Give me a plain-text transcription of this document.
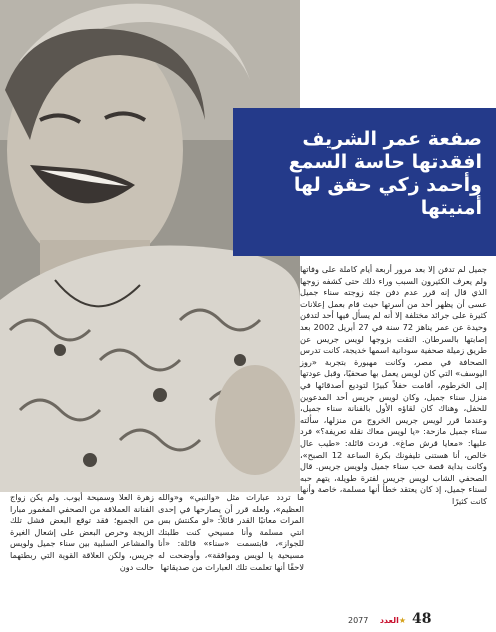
صفعة عمر الشريف
افقدتها حاسة السمع
وأحمد زكي حقق لها
أمنيتها

جميل لم تدفن إلا بعد مرور أربعة أيام كاملة على وفاتها ولم يعرف الكثيرون السبب وراء ذلك حتى كشفه زوجها الذي قال إنه قرر عدم دفن جثة زوجته سناء جميل عسى أن يظهر أحد من أسرتها حيث قام بعمل إعلانات كثيرة على جرائد مختلفة إلا أنه لم يسأل فيها أحد لتدفن وحيدة عن عمر يناهز 72 سنة في 27 أبريل 2002 بعد إصابتها بالسرطان. التقت بزوجها لويس جريس عن طريق زميلة صحفية سودانية اسمها خديجة، كانت تدرس الصحافة في مصر، وكانت مهبورة بتجربة «روز اليوسف» التي كان لويس يعمل بها صحفيًا، وقبل عودتها إلى الخرطوم، أقامت حفلاً كبيرًا لتوديع أصدقائها في منزل سناء جميل، وكان لويس جريس أحد المدعوين للحفل، وهناك كان لقاؤه الأول بالفنانة سناء جميل، وعندما قرر لويس جريس الخروج من منزلها، سألته سناء جميل مازحة: «يا لويس معاك نقلة تعريفة؟» فرد عليها: «معايا قرش صاغ». فردت قائلة: «طيب عال خالص، أنا هستنى تليفونك بكرة الساعة 12 الصبح»، وكانت بداية قصة حب سناء جميل ولويس جريس. قال الصحفي الشاب لويس جريس لفترة طويلة، يتهم حبه لسناء جميل، إذ كان يعتقد خطأ أنها مسلمة، خاصة وأنها كانت كثيرًا

ما تردد عبارات مثل «والنبي» و«والله العظيم»، ولعله قرر أن يصارحها في إحدى المرات معاتبًا القدر قائلاً: «لو مكنتش بس انتي مسلمة وأنا مسيحي كنت طلبتك للجواز»، فابتسمت «سناء» قائلة: «أنا مسيحية يا لويس وموافقة»، وأوضحت له لاحقًا أنها تعلمت تلك العبارات من صديقاتها

زهرة العلا وسميحة أيوب. ولم يكن زواج الفنانة العملاقة من الصحفي المغمور مبارا من الجميع؛ فقد توقع البعض فشل تلك الزيجة وحرص البعض على إشعال الغيرة والمشاعر السلبية بين سناء جميل ولويس جريس، ولكن العلاقة القوية التي ربطتهما حالت دون

48
★العدد
2077
